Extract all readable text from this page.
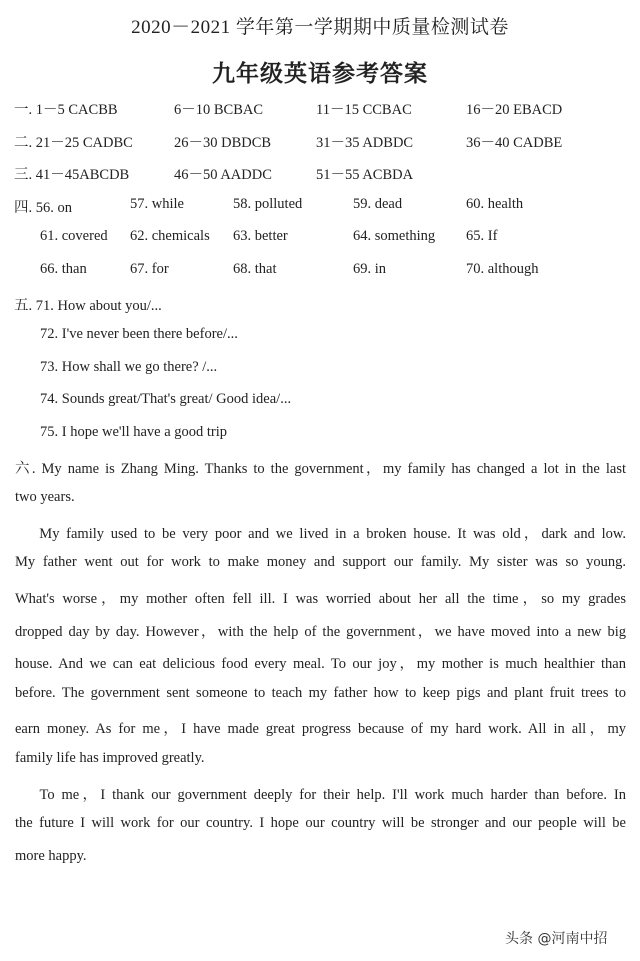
2020－2021 学年第一学期期中质量检测试卷
九年级英语参考答案
一. 1－5 CACBB	6－10 BCBAC	11－15 CCBAC	16－20 EBACD
二. 21－25 CADBC	26－30 DBDCB	31－35 ADBDC	36－40 CADBE
三. 41－45ABCDB	46－50 AADDC	51－55 ACBDA
四. 56. on	57. while	58. polluted	59. dead	60. health
61. covered 62. chemicals 63. better	64. something 65. If
66. than	67. for	68. that	69. in	70. although
五. 71. How about you/...
72. I've never been there before/...
73. How shall we go there? /...
74. Sounds great/That's great/ Good idea/...
75. I hope we'll have a good trip
六. My name is Zhang Ming. Thanks to the government，my family has changed a lot in the last
two years.
　 My family used to be very poor and we lived in a broken house. It was old，dark and low.
My father went out for work to make money and support our family. My sister was so young.
What's worse，my mother often fell ill. I was worried about her all the time，so my grades
dropped day by day. However，with the help of the government，we have moved into a new big
house. And we can eat delicious food every meal. To our joy，my mother is much healthier than
before. The government sent someone to teach my father how to keep pigs and plant fruit trees to
earn money. As for me，I have made great progress because of my hard work. All in all，my
family life has improved greatly.
　 To me，I thank our government deeply for their help. I'll work much harder than before. In
the future I will work for our country. I hope our country will be stronger and our people will be
more happy.
头条 @河南中招
